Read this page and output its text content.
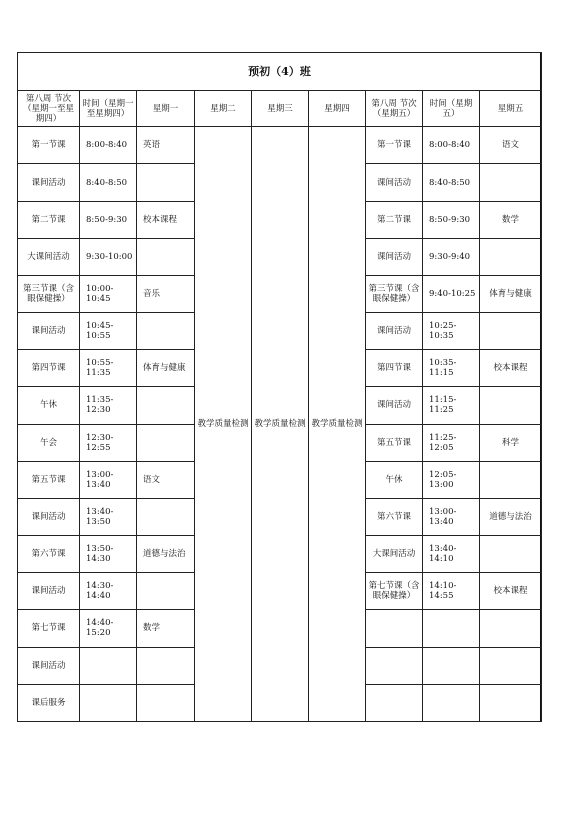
预初（4）班								
第八周 节次（星期一至星期四）	时间（星期一至星期四）	星期一	星期二	星期三	星期四	第八周 节次（星期五）	时间（星期五）	星期五
第一节课	8:00-8:40	英语	教学质量检测	教学质量检测	教学质量检测	第一节课	8:00-8:40	语文
课间活动	8:40-8:50					课间活动	8:40-8:50	
第二节课	8:50-9:30	校本课程				第二节课	8:50-9:30	数学
大课间活动	9:30-10:00					课间活动	9:30-9:40	
第三节课（含眼保健操）	10:00-10:45	音乐				第三节课（含眼保健操）	9:40-10:25	体育与健康
课间活动	10:45-10:55					课间活动	10:25-10:35	
第四节课	10:55-11:35	体育与健康				第四节课	10:35-11:15	校本课程
午休	11:35-12:30					课间活动	11:15-11:25	
午会	12:30-12:55					第五节课	11:25-12:05	科学
第五节课	13:00-13:40	语文				午休	12:05-13:00	
课间活动	13:40-13:50					第六节课	13:00-13:40	道德与法治
第六节课	13:50-14:30	道德与法治				大课间活动	13:40-14:10	
课间活动	14:30-14:40					第七节课（含眼保健操）	14:10-14:55	校本课程
第七节课	14:40-15:20	数学						
课间活动								
课后服务								
